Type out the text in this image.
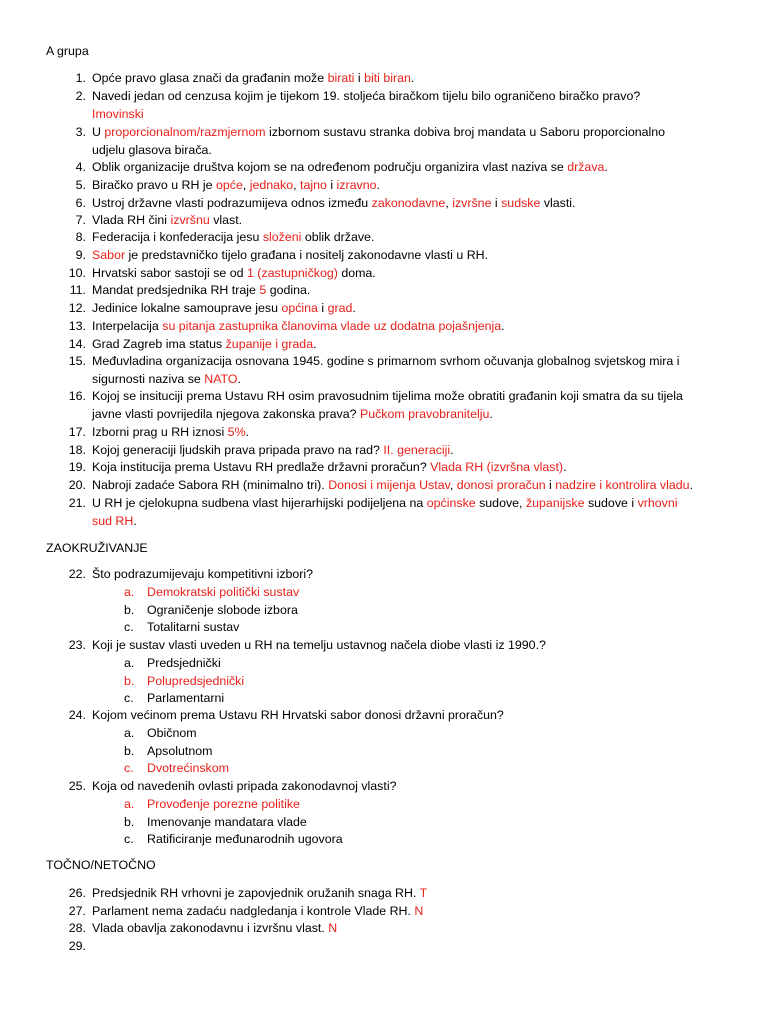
A grupa
1. Opće pravo glasa znači da građanin može birati i biti biran.
2. Navedi jedan od cenzusa kojim je tijekom 19. stoljeća biračkom tijelu bilo ograničeno biračko pravo?
Imovinski
3. U proporcionalnom/razmjernom izbornom sustavu stranka dobiva broj mandata u Saboru proporcionalno
udjelu glasova birača.
4. Oblik organizacije društva kojom se na određenom području organizira vlast naziva se država.
5. Biračko pravo u RH je opće, jednako, tajno i izravno.
6. Ustroj državne vlasti podrazumijeva odnos između zakonodavne, izvršne i sudske vlasti.
7. Vlada RH čini izvršnu vlast.
8. Federacija i konfederacija jesu složeni oblik države.
9. Sabor je predstavničko tijelo građana i nositelj zakonodavne vlasti u RH.
10. Hrvatski sabor sastoji se od 1 (zastupničkog) doma.
11. Mandat predsjednika RH traje 5 godina.
12. Jedinice lokalne samouprave jesu općina i grad.
13. Interpelacija su pitanja zastupnika članovima vlade uz dodatna pojašnjenja.
14. Grad Zagreb ima status županije i grada.
15. Međuvladina organizacija osnovana 1945. godine s primarnom svrhom očuvanja globalnog svjetskog mira i
sigurnosti naziva se NATO.
16. Kojoj se insituciji prema Ustavu RH osim pravosudnim tijelima može obratiti građanin koji smatra da su tijela
javne vlasti povrijedila njegova zakonska prava? Pučkom pravobranitelju.
17. Izborni prag u RH iznosi 5%.
18. Kojoj generaciji ljudskih prava pripada pravo na rad? II. generaciji.
19. Koja institucija prema Ustavu RH predlaže državni proračun? Vlada RH (izvršna vlast).
20. Nabroji zadaće Sabora RH (minimalno tri). Donosi i mijenja Ustav, donosi proračun i nadzire i kontrolira vladu.
21. U RH je cjelokupna sudbena vlast hijerarhijski podijeljena na općinske sudove, županijske sudove i vrhovni
sud RH.
ZAOKRUŽIVANJE
22. Što podrazumijevaju kompetitivni izbori?
a. Demokratski politički sustav
b. Ograničenje slobode izbora
c. Totalitarni sustav
23. Koji je sustav vlasti uveden u RH na temelju ustavnog načela diobe vlasti iz 1990.?
a. Predsjednički
b. Polupredsjednički
c. Parlamentarni
24. Kojom većinom prema Ustavu RH Hrvatski sabor donosi državni proračun?
a. Običnom
b. Apsolutnom
c. Dvotrećinskom
25. Koja od navedenih ovlasti pripada zakonodavnoj vlasti?
a. Provođenje porezne politike
b. Imenovanje mandatara vlade
c. Ratificiranje međunarodnih ugovora
TOČNO/NETOČNO
26. Predsjednik RH vrhovni je zapovjednik oružanih snaga RH. T
27. Parlament nema zadaću nadgledanja i kontrole Vlade RH. N
28. Vlada obavlja zakonodavnu i izvršnu vlast. N
29.
